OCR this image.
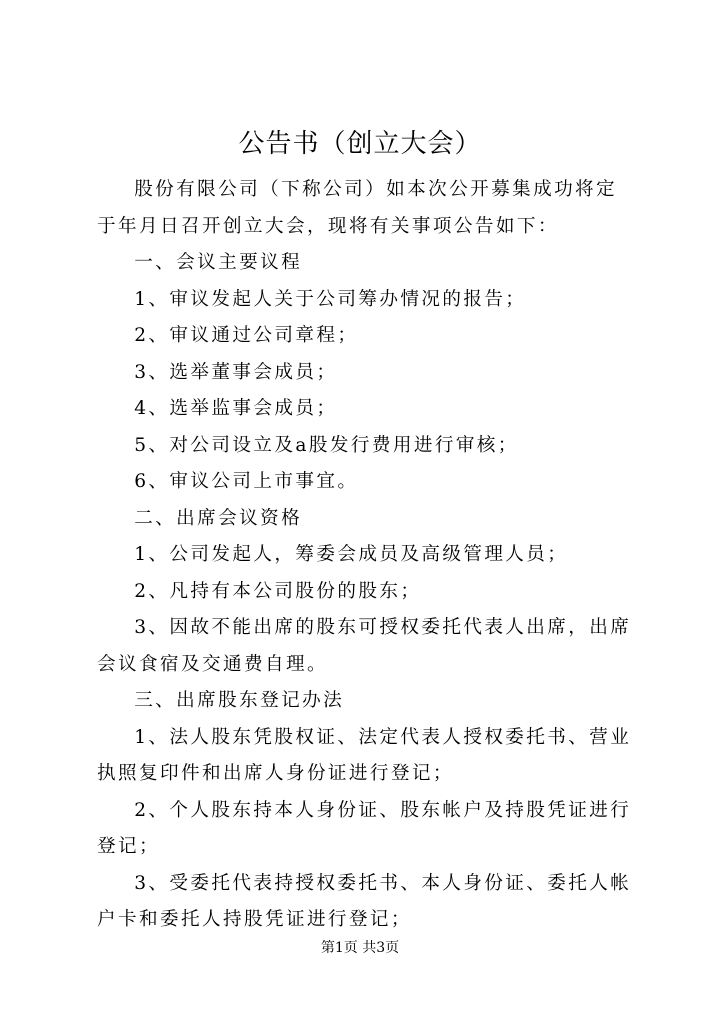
公告书（创立大会）

股份有限公司（下称公司）如本次公开募集成功将定于年月日召开创立大会，现将有关事项公告如下：

一、会议主要议程

1、审议发起人关于公司筹办情况的报告；

2、审议通过公司章程；

3、选举董事会成员；

4、选举监事会成员；

5、对公司设立及a股发行费用进行审核；

6、审议公司上市事宜。

二、出席会议资格

1、公司发起人，筹委会成员及高级管理人员；

2、凡持有本公司股份的股东；

3、因故不能出席的股东可授权委托代表人出席，出席会议食宿及交通费自理。

三、出席股东登记办法

1、法人股东凭股权证、法定代表人授权委托书、营业执照复印件和出席人身份证进行登记；

2、个人股东持本人身份证、股东帐户及持股凭证进行登记；

3、受委托代表持授权委托书、本人身份证、委托人帐户卡和委托人持股凭证进行登记；

第1页 共3页
